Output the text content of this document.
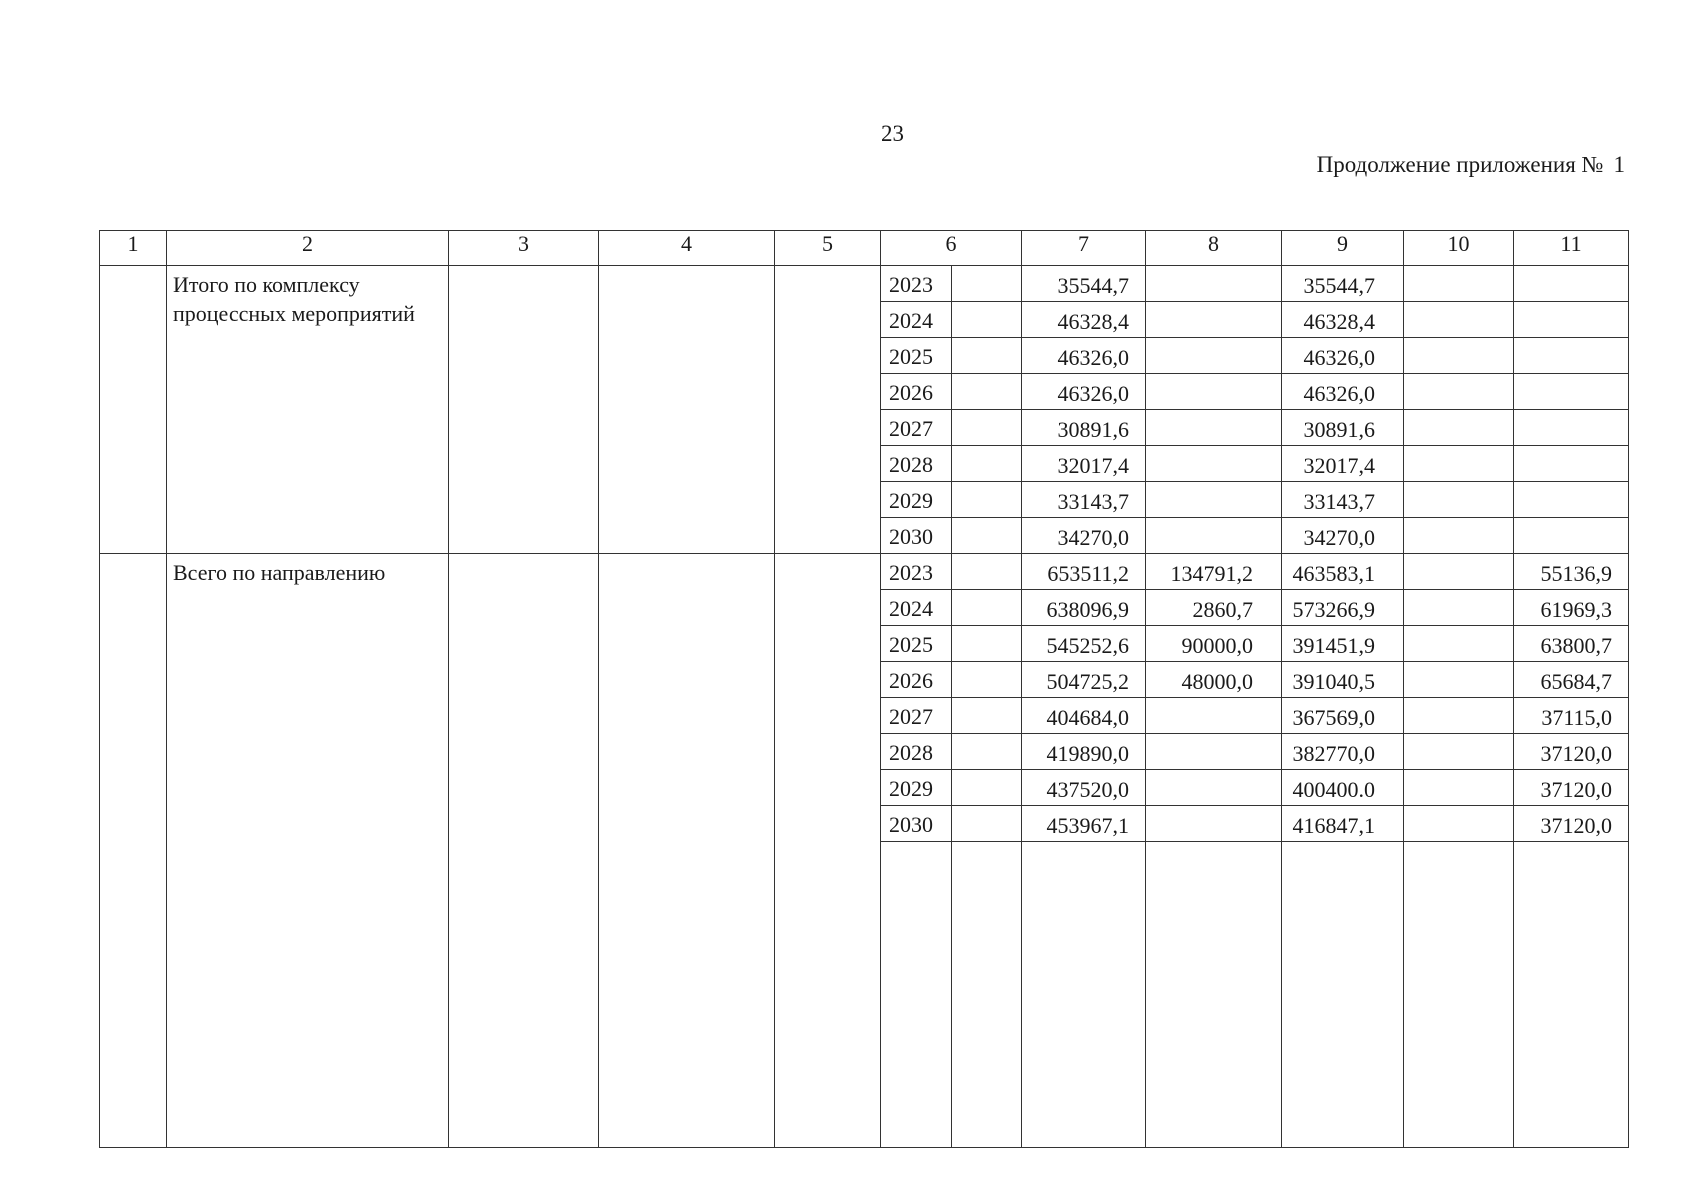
23
Продолжение приложения № 1
1	2	3	4	5	6		7	8	9	10	11
	Итого по комплексу процессных мероприятий				2023		35544,7		35544,7		
					2024		46328,4		46328,4		
					2025		46326,0		46326,0		
					2026		46326,0		46326,0		
					2027		30891,6		30891,6		
					2028		32017,4		32017,4		
					2029		33143,7		33143,7		
					2030		34270,0		34270,0		
	Всего по направлению				2023		653511,2	134791,2	463583,1		55136,9
					2024		638096,9	2860,7	573266,9		61969,3
					2025		545252,6	90000,0	391451,9		63800,7
					2026		504725,2	48000,0	391040,5		65684,7
					2027		404684,0		367569,0		37115,0
					2028		419890,0		382770,0		37120,0
					2029		437520,0		400400.0		37120,0
					2030		453967,1		416847,1		37120,0
